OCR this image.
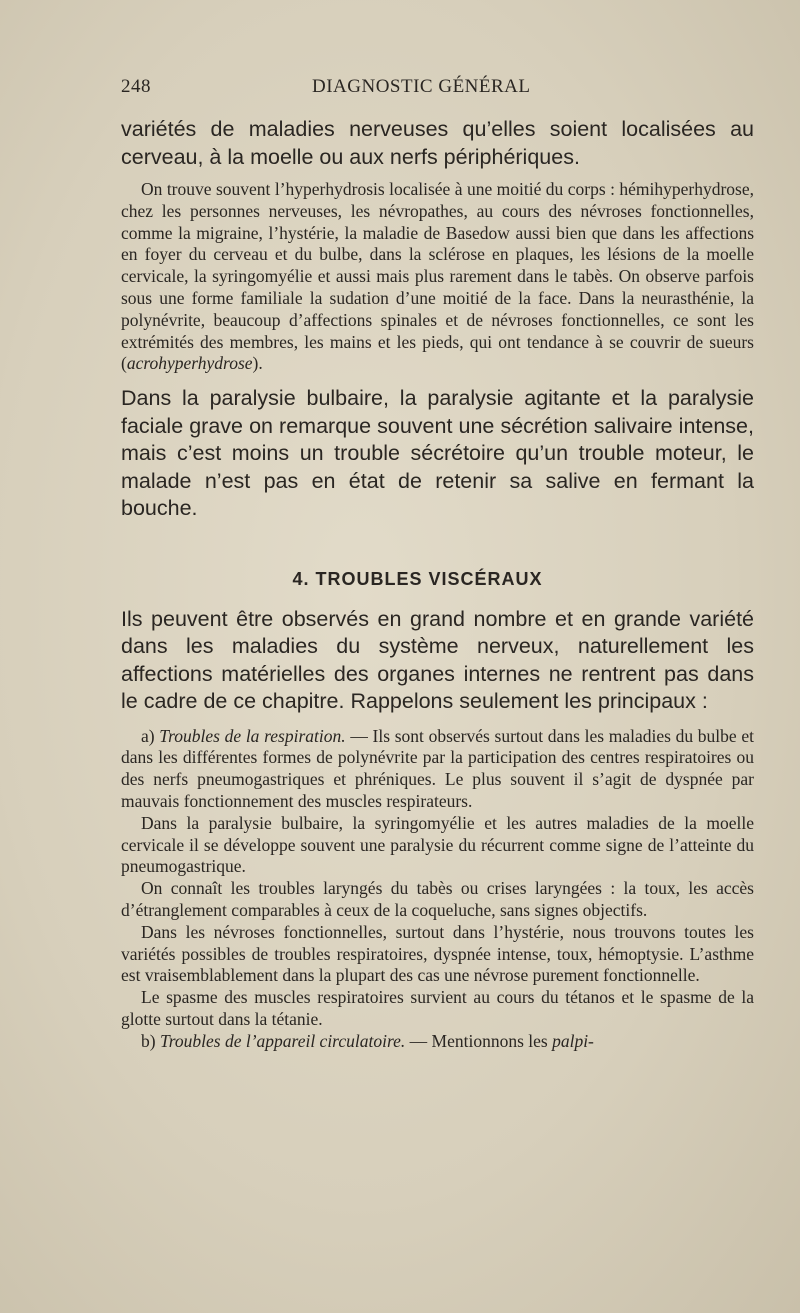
248	DIAGNOSTIC GÉNÉRAL

variétés de maladies nerveuses qu’elles soient localisées au cerveau, à la moelle ou aux nerfs périphériques.

On trouve souvent l’hyperhydrosis localisée à une moitié du corps : hémihyperhydrose, chez les personnes nerveuses, les névropathes, au cours des névroses fonctionnelles, comme la migraine, l’hystérie, la maladie de Basedow aussi bien que dans les affections en foyer du cerveau et du bulbe, dans la sclérose en plaques, les lésions de la moelle cervicale, la syringomyélie et aussi mais plus rarement dans le tabès. On observe parfois sous une forme familiale la sudation d’une moitié de la face. Dans la neurasthénie, la polynévrite, beaucoup d’affections spinales et de névroses fonctionnelles, ce sont les extrémités des membres, les mains et les pieds, qui ont tendance à se couvrir de sueurs (acrohyperhydrose).

Dans la paralysie bulbaire, la paralysie agitante et la paralysie faciale grave on remarque souvent une sécrétion salivaire intense, mais c’est moins un trouble sécrétoire qu’un trouble moteur, le malade n’est pas en état de retenir sa salive en fermant la bouche.

4. TROUBLES VISCÉRAUX

Ils peuvent être observés en grand nombre et en grande variété dans les maladies du système nerveux, naturellement les affections matérielles des organes internes ne rentrent pas dans le cadre de ce chapitre. Rappelons seulement les principaux :

a) Troubles de la respiration. — Ils sont observés surtout dans les maladies du bulbe et dans les différentes formes de polynévrite par la participation des centres respiratoires ou des nerfs pneumogastriques et phréniques. Le plus souvent il s’agit de dyspnée par mauvais fonctionnement des muscles respirateurs.

Dans la paralysie bulbaire, la syringomyélie et les autres maladies de la moelle cervicale il se développe souvent une paralysie du récurrent comme signe de l’atteinte du pneumogastrique.

On connaît les troubles laryngés du tabès ou crises laryngées : la toux, les accès d’étranglement comparables à ceux de la coqueluche, sans signes objectifs.

Dans les névroses fonctionnelles, surtout dans l’hystérie, nous trouvons toutes les variétés possibles de troubles respiratoires, dyspnée intense, toux, hémoptysie. L’asthme est vraisemblablement dans la plupart des cas une névrose purement fonctionnelle.

Le spasme des muscles respiratoires survient au cours du tétanos et le spasme de la glotte surtout dans la tétanie.

b) Troubles de l’appareil circulatoire. — Mentionnons les palpi-
